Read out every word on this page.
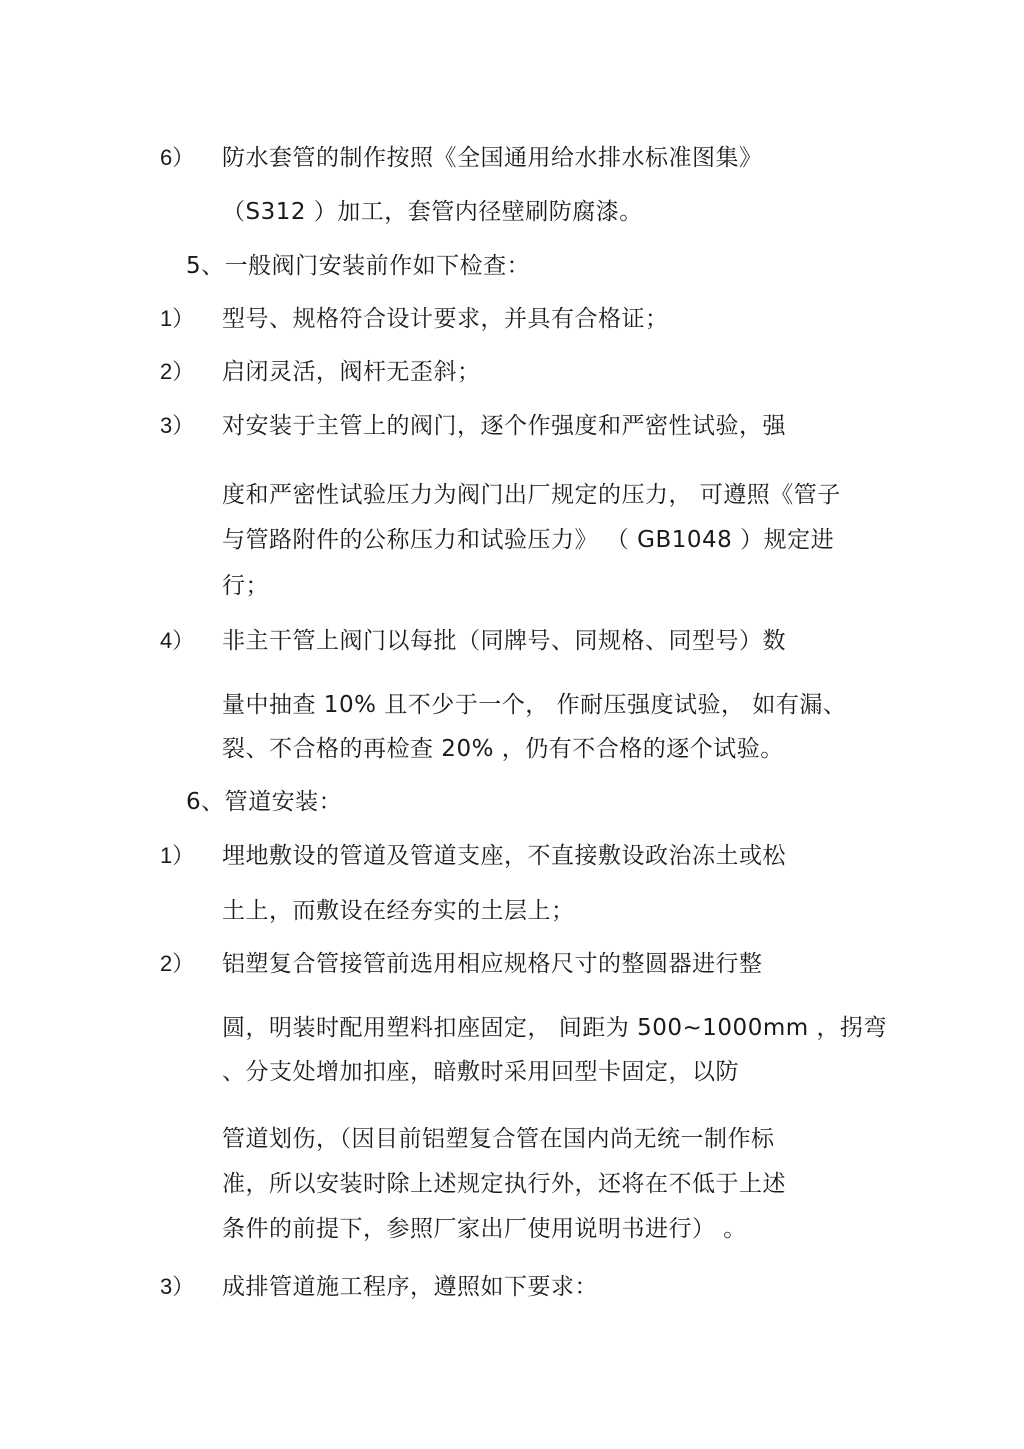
6） 防水套管的制作按照《全国通用给水排水标准图集》
（S312 ）加工，套管内径壁刷防腐漆。
5、一般阀门安装前作如下检查：
1） 型号、规格符合设计要求，并具有合格证；
2） 启闭灵活，阀杆无歪斜；
3） 对安装于主管上的阀门，逐个作强度和严密性试验，强
度和严密性试验压力为阀门出厂规定的压力， 可遵照《管子
与管路附件的公称压力和试验压力》 （ GB1048 ）规定进
行；
4） 非主干管上阀门以每批（同牌号、同规格、同型号）数
量中抽查 10% 且不少于一个， 作耐压强度试验， 如有漏、
裂、不合格的再检查 20% ，仍有不合格的逐个试验。
6、管道安装：
1） 埋地敷设的管道及管道支座，不直接敷设政治冻土或松
土上，而敷设在经夯实的土层上；
2） 铝塑复合管接管前选用相应规格尺寸的整圆器进行整
圆，明装时配用塑料扣座固定， 间距为 500~1000mm ，拐弯
、分支处增加扣座，暗敷时采用回型卡固定，以防
管道划伤，（因目前铝塑复合管在国内尚无统一制作标
准，所以安装时除上述规定执行外，还将在不低于上述
条件的前提下，参照厂家出厂使用说明书进行） 。
3） 成排管道施工程序，遵照如下要求：
